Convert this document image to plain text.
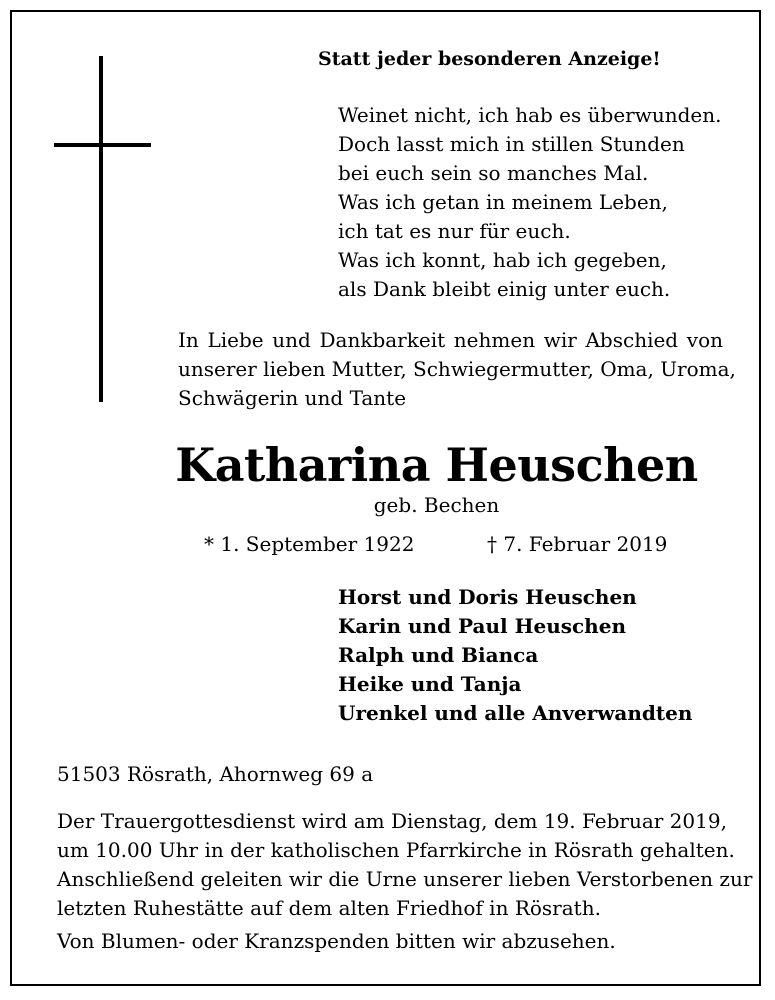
Statt jeder besonderen Anzeige!
Weinet nicht, ich hab es überwunden.
Doch lasst mich in stillen Stunden
bei euch sein so manches Mal.
Was ich getan in meinem Leben,
ich tat es nur für euch.
Was ich konnt, hab ich gegeben,
als Dank bleibt einig unter euch.
In Liebe und Dankbarkeit nehmen wir Abschied von
unserer lieben Mutter, Schwiegermutter, Oma, Uroma,
Schwägerin und Tante
Katharina Heuschen
geb. Bechen
* 1. September 1922	† 7. Februar 2019
Horst und Doris Heuschen
Karin und Paul Heuschen
Ralph und Bianca
Heike und Tanja
Urenkel und alle Anverwandten
51503 Rösrath, Ahornweg 69 a
Der Trauergottesdienst wird am Dienstag, dem 19. Februar 2019,
um 10.00 Uhr in der katholischen Pfarrkirche in Rösrath gehalten.
Anschließend geleiten wir die Urne unserer lieben Verstorbenen zur
letzten Ruhestätte auf dem alten Friedhof in Rösrath.
Von Blumen- oder Kranzspenden bitten wir abzusehen.
